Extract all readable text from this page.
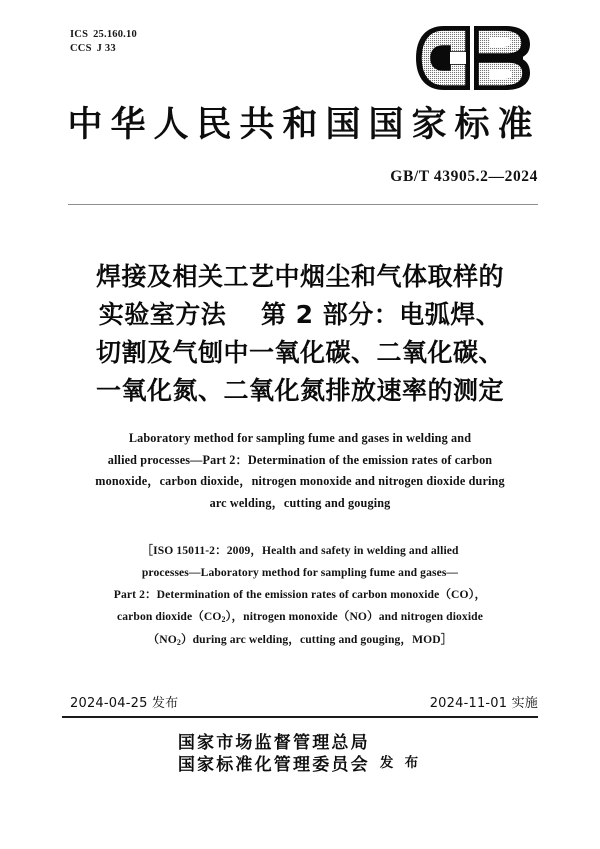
ICS 25.160.10
CCS J 33
中华人民共和国国家标准
GB/T 43905.2—2024
焊接及相关工艺中烟尘和气体取样的
实验室方法　 第 2 部分：电弧焊、
切割及气刨中一氧化碳、二氧化碳、
一氧化氮、二氧化氮排放速率的测定
Laboratory method for sampling fume and gases in welding and
allied processes—Part 2：Determination of the emission rates of carbon
monoxide，carbon dioxide，nitrogen monoxide and nitrogen dioxide during
arc welding，cutting and gouging
［ISO 15011-2：2009，Health and safety in welding and allied
processes—Laboratory method for sampling fume and gases—
Part 2：Determination of the emission rates of carbon monoxide（CO），
carbon $dioxide(CO_2)$，nitrogen monoxide（NO）and nitrogen dioxide
$(NO_2)during$ arc welding，cutting and gouging，MOD］
2024-04-25 发布	2024-11-01 实施
国家市场监督管理总局
国家标准化管理委员会 发 布
